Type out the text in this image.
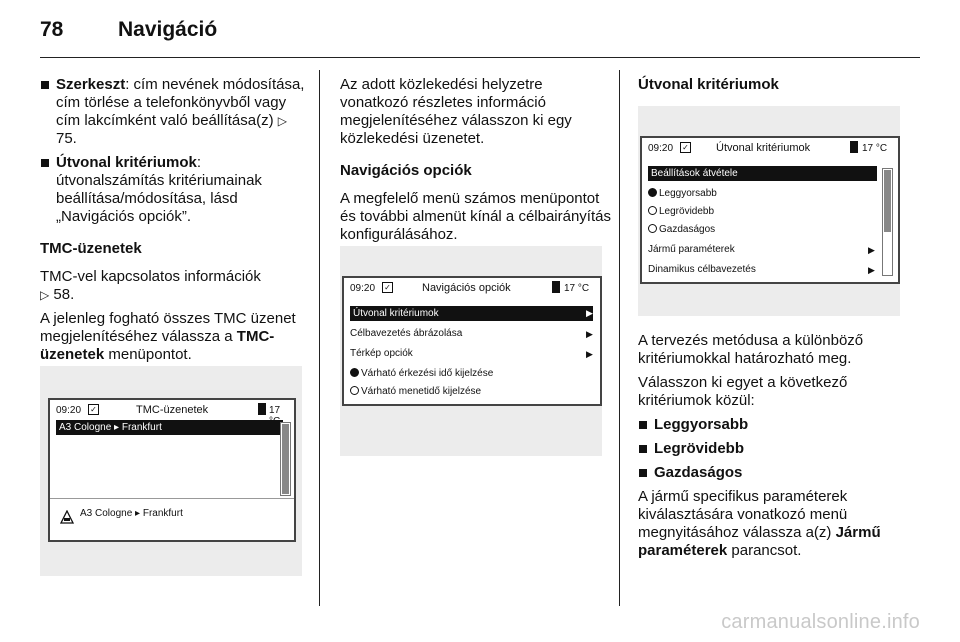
78	Navigáció
Szerkeszt: cím nevének módosítása, cím törlése a telefonkönyvből vagy cím lakcímként való beállítása(z) ▷ 75.
Útvonal kritériumok:
útvonalszámítás kritériumainak beállítása/módosítása, lásd „Navigációs opciók”.

TMC-üzenetek

TMC-vel kapcsolatos információk
▷ 58.

A jelenleg fogható összes TMC üzenet megjelenítéséhez válassza a TMC-üzenetek menüpontot.

09:20 ✓	TMC-üzenetek	17
A3 Cologne ▸ Frankfurt
A3 Cologne ▸ Frankfurt

Az adott közlekedési helyzetre vonatkozó részletes információ megjelenítéséhez válasszon ki egy közlekedési üzenetet.

Navigációs opciók

A megfelelő menü számos menüpontot és további almenüt kínál a célbairányítás konfigurálásához.

09:20 ✓	Navigációs opciók	17 °C
Útvonal kritériumok	▶
Célbavezetés ábrázolása	▶
Térkép opciók	▶
Várható érkezési idő kijelzése
Várható menetidő kijelzése

Útvonal kritériumok

09:20 ✓ Útvonal kritériumok	17 °C
Beállítások átvétele
Leggyorsabb
Legrövidebb
Gazdaságos
Jármű paraméterek	▶
Dinamikus célbavezetés	▶

A tervezés metódusa a különböző kritériumokkal határozható meg.

Válasszon ki egyet a következő kritériumok közül:

Leggyorsabb
Legrövidebb
Gazdaságos

A jármű specifikus paraméterek kiválasztására vonatkozó menü megnyitásához válassza a(z) Jármű paraméterek parancsot.

carmanualsonline.info
